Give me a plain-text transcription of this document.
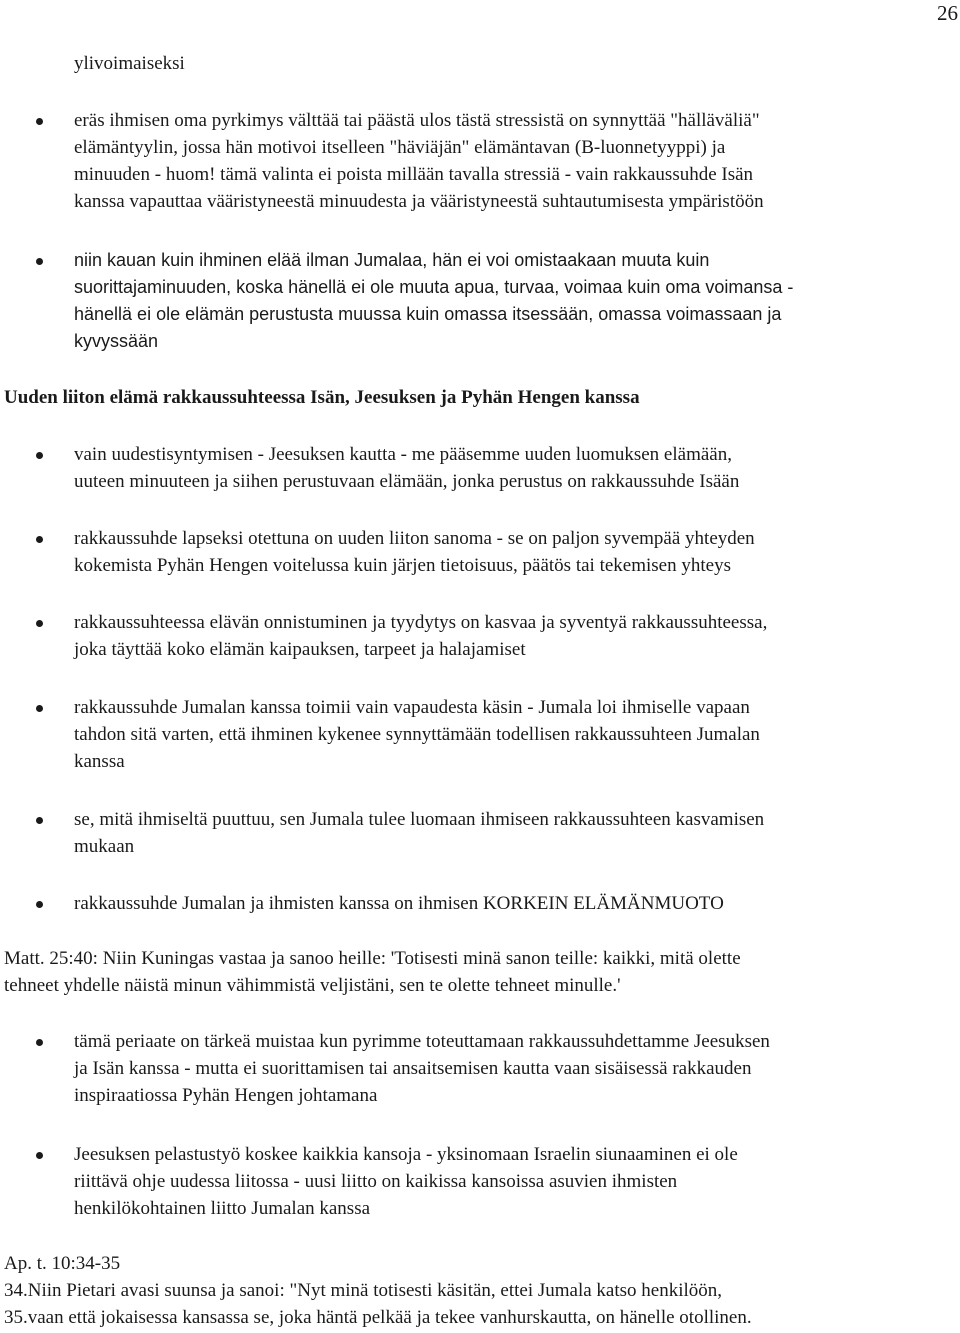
26
ylivoimaiseksi
eräs ihmisen oma pyrkimys välttää tai päästä ulos tästä stressistä on synnyttää "hälläväliä"
elämäntyylin, jossa hän motivoi itselleen "häviäjän" elämäntavan (B-luonnetyyppi) ja
minuuden - huom! tämä valinta ei poista millään tavalla stressiä - vain rakkaussuhde Isän
kanssa vapauttaa vääristyneestä minuudesta ja vääristyneestä suhtautumisesta ympäristöön
niin kauan kuin ihminen elää ilman Jumalaa, hän ei voi omistaakaan muuta kuin
suorittajaminuuden, koska hänellä ei ole muuta apua, turvaa, voimaa kuin oma voimansa -
hänellä ei ole elämän perustusta muussa kuin omassa itsessään, omassa voimassaan ja
kyvyssään
Uuden liiton elämä rakkaussuhteessa Isän, Jeesuksen ja Pyhän Hengen kanssa
vain uudestisyntymisen - Jeesuksen kautta - me pääsemme uuden luomuksen elämään,
uuteen minuuteen ja siihen perustuvaan elämään, jonka perustus on rakkaussuhde Isään
rakkaussuhde lapseksi otettuna on uuden liiton sanoma - se on paljon syvempää yhteyden
kokemista Pyhän Hengen voitelussa kuin järjen tietoisuus, päätös tai tekemisen yhteys
rakkaussuhteessa elävän onnistuminen ja tyydytys on kasvaa ja syventyä rakkaussuhteessa,
joka täyttää koko elämän kaipauksen, tarpeet ja halajamiset
rakkaussuhde Jumalan kanssa toimii vain vapaudesta käsin - Jumala loi ihmiselle vapaan
tahdon sitä varten, että ihminen kykenee synnyttämään todellisen rakkaussuhteen Jumalan
kanssa
se, mitä ihmiseltä puuttuu, sen Jumala tulee luomaan ihmiseen rakkaussuhteen kasvamisen
mukaan
rakkaussuhde Jumalan ja ihmisten kanssa on ihmisen KORKEIN ELÄMÄNMUOTO
Matt. 25:40: Niin Kuningas vastaa ja sanoo heille: 'Totisesti minä sanon teille: kaikki, mitä olette
tehneet yhdelle näistä minun vähimmistä veljistäni, sen te olette tehneet minulle.'
tämä periaate on tärkeä muistaa kun pyrimme toteuttamaan rakkaussuhdettamme Jeesuksen
ja Isän kanssa - mutta ei suorittamisen tai ansaitsemisen kautta vaan sisäisessä rakkauden
inspiraatiossa Pyhän Hengen johtamana
Jeesuksen pelastustyö koskee kaikkia kansoja - yksinomaan Israelin siunaaminen ei ole
riittävä ohje uudessa liitossa - uusi liitto on kaikissa kansoissa asuvien ihmisten
henkilökohtainen liitto Jumalan kanssa
Ap. t. 10:34-35
34.Niin Pietari avasi suunsa ja sanoi: "Nyt minä totisesti käsitän, ettei Jumala katso henkilöön,
35.vaan että jokaisessa kansassa se, joka häntä pelkää ja tekee vanhurskautta, on hänelle otollinen.
